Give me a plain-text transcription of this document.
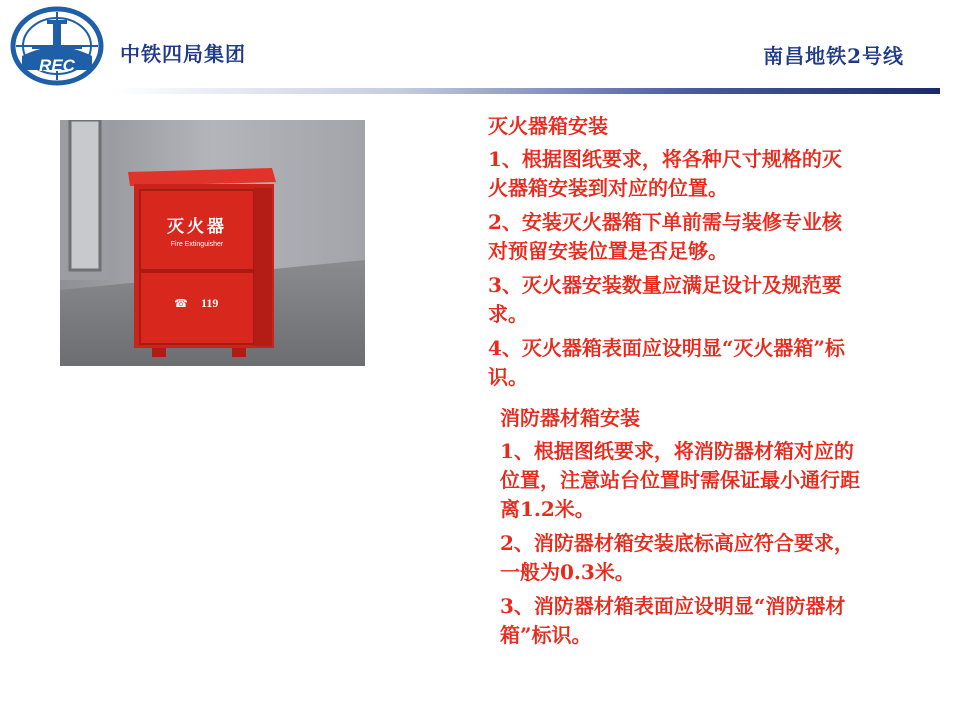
REC 中铁四局集团	南昌地铁2号线
灭火器
Fire Extinguisher
☎ 119
灭火器箱安装
1、根据图纸要求，将各种尺寸规格的灭火器箱安装到对应的位置。
2、安装灭火器箱下单前需与装修专业核对预留安装位置是否足够。
3、灭火器安装数量应满足设计及规范要求。
4、灭火器箱表面应设明显“灭火器箱”标识。
消防器材箱安装
1、根据图纸要求，将消防器材箱对应的位置，注意站台位置时需保证最小通行距离1.2米。
2、消防器材箱安装底标高应符合要求，一般为0.3米。
3、消防器材箱表面应设明显“消防器材箱”标识。
